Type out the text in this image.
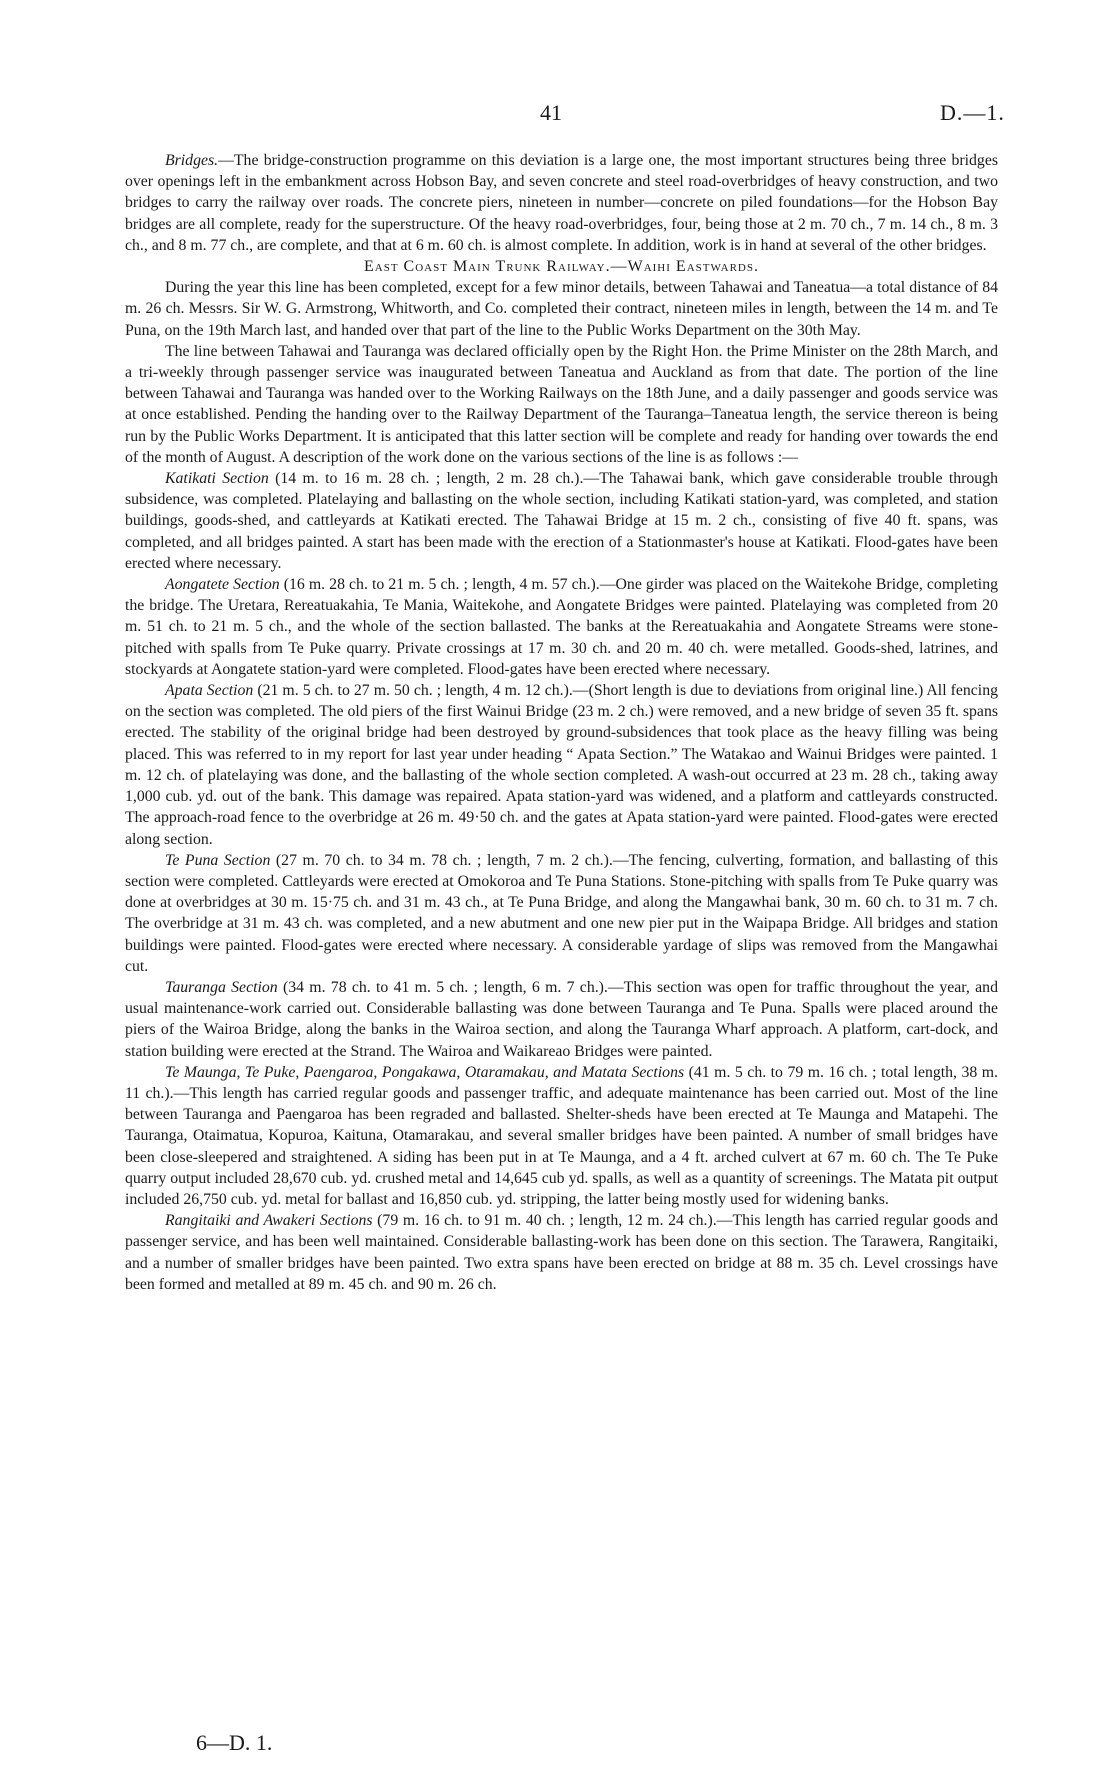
41	D.—1.

Bridges.—The bridge-construction programme on this deviation is a large one, the most important structures being three bridges over openings left in the embankment across Hobson Bay, and seven concrete and steel road-overbridges of heavy construction, and two bridges to carry the railway over roads. The concrete piers, nineteen in number—concrete on piled foundations—for the Hobson Bay bridges are all complete, ready for the superstructure. Of the heavy road-overbridges, four, being those at 2 m. 70 ch., 7 m. 14 ch., 8 m. 3 ch., and 8 m. 77 ch., are complete, and that at 6 m. 60 ch. is almost complete. In addition, work is in hand at several of the other bridges.

East Coast Main Trunk Railway.—Waihi Eastwards.

During the year this line has been completed, except for a few minor details, between Tahawai and Taneatua—a total distance of 84 m. 26 ch. Messrs. Sir W. G. Armstrong, Whitworth, and Co. completed their contract, nineteen miles in length, between the 14 m. and Te Puna, on the 19th March last, and handed over that part of the line to the Public Works Department on the 30th May.

The line between Tahawai and Tauranga was declared officially open by the Right Hon. the Prime Minister on the 28th March, and a tri-weekly through passenger service was inaugurated between Taneatua and Auckland as from that date. The portion of the line between Tahawai and Tauranga was handed over to the Working Railways on the 18th June, and a daily passenger and goods service was at once established. Pending the handing over to the Railway Department of the Tauranga–Taneatua length, the service thereon is being run by the Public Works Department. It is anticipated that this latter section will be complete and ready for handing over towards the end of the month of August. A description of the work done on the various sections of the line is as follows :—

Katikati Section (14 m. to 16 m. 28 ch. ; length, 2 m. 28 ch.).—The Tahawai bank, which gave considerable trouble through subsidence, was completed. Platelaying and ballasting on the whole section, including Katikati station-yard, was completed, and station buildings, goods-shed, and cattleyards at Katikati erected. The Tahawai Bridge at 15 m. 2 ch., consisting of five 40 ft. spans, was completed, and all bridges painted. A start has been made with the erection of a Stationmaster's house at Katikati. Flood-gates have been erected where necessary.

Aongatete Section (16 m. 28 ch. to 21 m. 5 ch. ; length, 4 m. 57 ch.).—One girder was placed on the Waitekohe Bridge, completing the bridge. The Uretara, Rereatuakahia, Te Mania, Waitekohe, and Aongatete Bridges were painted. Platelaying was completed from 20 m. 51 ch. to 21 m. 5 ch., and the whole of the section ballasted. The banks at the Rereatuakahia and Aongatete Streams were stone-pitched with spalls from Te Puke quarry. Private crossings at 17 m. 30 ch. and 20 m. 40 ch. were metalled. Goods-shed, latrines, and stockyards at Aongatete station-yard were completed. Flood-gates have been erected where necessary.

Apata Section (21 m. 5 ch. to 27 m. 50 ch. ; length, 4 m. 12 ch.).—(Short length is due to deviations from original line.) All fencing on the section was completed. The old piers of the first Wainui Bridge (23 m. 2 ch.) were removed, and a new bridge of seven 35 ft. spans erected. The stability of the original bridge had been destroyed by ground-subsidences that took place as the heavy filling was being placed. This was referred to in my report for last year under heading “ Apata Section.” The Watakao and Wainui Bridges were painted. 1 m. 12 ch. of platelaying was done, and the ballasting of the whole section completed. A wash-out occurred at 23 m. 28 ch., taking away 1,000 cub. yd. out of the bank. This damage was repaired. Apata station-yard was widened, and a platform and cattleyards constructed. The approach-road fence to the overbridge at 26 m. 49·50 ch. and the gates at Apata station-yard were painted. Flood-gates were erected along section.

Te Puna Section (27 m. 70 ch. to 34 m. 78 ch. ; length, 7 m. 2 ch.).—The fencing, culverting, formation, and ballasting of this section were completed. Cattleyards were erected at Omokoroa and Te Puna Stations. Stone-pitching with spalls from Te Puke quarry was done at overbridges at 30 m. 15·75 ch. and 31 m. 43 ch., at Te Puna Bridge, and along the Mangawhai bank, 30 m. 60 ch. to 31 m. 7 ch. The overbridge at 31 m. 43 ch. was completed, and a new abutment and one new pier put in the Waipapa Bridge. All bridges and station buildings were painted. Flood-gates were erected where necessary. A considerable yardage of slips was removed from the Mangawhai cut.

Tauranga Section (34 m. 78 ch. to 41 m. 5 ch. ; length, 6 m. 7 ch.).—This section was open for traffic throughout the year, and usual maintenance-work carried out. Considerable ballasting was done between Tauranga and Te Puna. Spalls were placed around the piers of the Wairoa Bridge, along the banks in the Wairoa section, and along the Tauranga Wharf approach. A platform, cart-dock, and station building were erected at the Strand. The Wairoa and Waikareao Bridges were painted.

Te Maunga, Te Puke, Paengaroa, Pongakawa, Otaramakau, and Matata Sections (41 m. 5 ch. to 79 m. 16 ch. ; total length, 38 m. 11 ch.).—This length has carried regular goods and passenger traffic, and adequate maintenance has been carried out. Most of the line between Tauranga and Paengaroa has been regraded and ballasted. Shelter-sheds have been erected at Te Maunga and Matapehi. The Tauranga, Otaimatua, Kopuroa, Kaituna, Otamarakau, and several smaller bridges have been painted. A number of small bridges have been close-sleepered and straightened. A siding has been put in at Te Maunga, and a 4 ft. arched culvert at 67 m. 60 ch. The Te Puke quarry output included 28,670 cub. yd. crushed metal and 14,645 cub yd. spalls, as well as a quantity of screenings. The Matata pit output included 26,750 cub. yd. metal for ballast and 16,850 cub. yd. stripping, the latter being mostly used for widening banks.

Rangitaiki and Awakeri Sections (79 m. 16 ch. to 91 m. 40 ch. ; length, 12 m. 24 ch.).—This length has carried regular goods and passenger service, and has been well maintained. Considerable ballasting-work has been done on this section. The Tarawera, Rangitaiki, and a number of smaller bridges have been painted. Two extra spans have been erected on bridge at 88 m. 35 ch. Level crossings have been formed and metalled at 89 m. 45 ch. and 90 m. 26 ch.

6—D. 1.
